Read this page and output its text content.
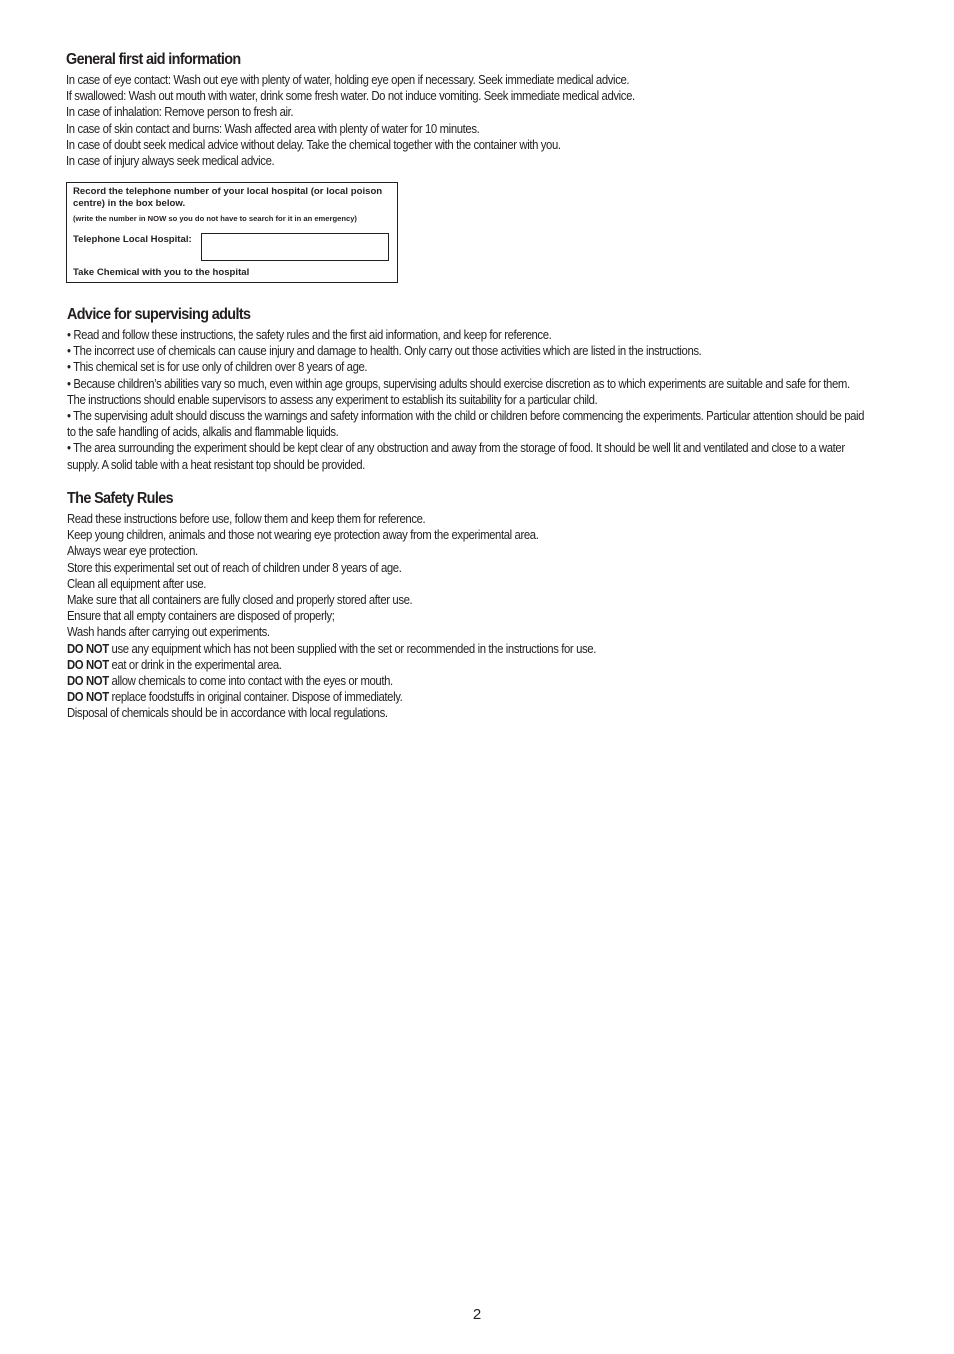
General first aid information

In case of eye contact: Wash out eye with plenty of water, holding eye open if necessary. Seek immediate medical advice.

If swallowed: Wash out mouth with water, drink some fresh water. Do not induce vomiting. Seek immediate medical advice.

In case of inhalation: Remove person to fresh air.

In case of skin contact and burns: Wash affected area with plenty of water for 10 minutes.

In case of doubt seek medical advice without delay. Take the chemical together with the container with you.

In case of injury always seek medical advice.

Record the telephone number of your local hospital (or local poison centre) in the box below.

(write the number in NOW so you do not have to search for it in an emergency)

Telephone Local Hospital:
Take Chemical with you to the hospital
Advice for supervising adults

• Read and follow these instructions, the safety rules and the first aid information, and keep for reference.

• The incorrect use of chemicals can cause injury and damage to health. Only carry out those activities which are listed in the instructions.

• This chemical set is for use only of children over 8 years of age.

• Because children’s abilities vary so much, even within age groups, supervising adults should exercise discretion as to which experiments are suitable and safe for them. The instructions should enable supervisors to assess any experiment to establish its suitability for a particular child.

• The supervising adult should discuss the warnings and safety information with the child or children before commencing the experiments. Particular attention should be paid to the safe handling of acids, alkalis and flammable liquids.

• The area surrounding the experiment should be kept clear of any obstruction and away from the storage of food. It should be well lit and ventilated and close to a water supply. A solid table with a heat resistant top should be provided.

The Safety Rules

Read these instructions before use, follow them and keep them for reference.

Keep young children, animals and those not wearing eye protection away from the experimental area.

Always wear eye protection.

Store this experimental set out of reach of children under 8 years of age.

Clean all equipment after use.

Make sure that all containers are fully closed and properly stored after use.

Ensure that all empty containers are disposed of properly;

Wash hands after carrying out experiments.

DO NOT use any equipment which has not been supplied with the set or recommended in the instructions for use.

DO NOT eat or drink in the experimental area.

DO NOT allow chemicals to come into contact with the eyes or mouth.

DO NOT replace foodstuffs in original container. Dispose of immediately.

Disposal of chemicals should be in accordance with local regulations.

2
